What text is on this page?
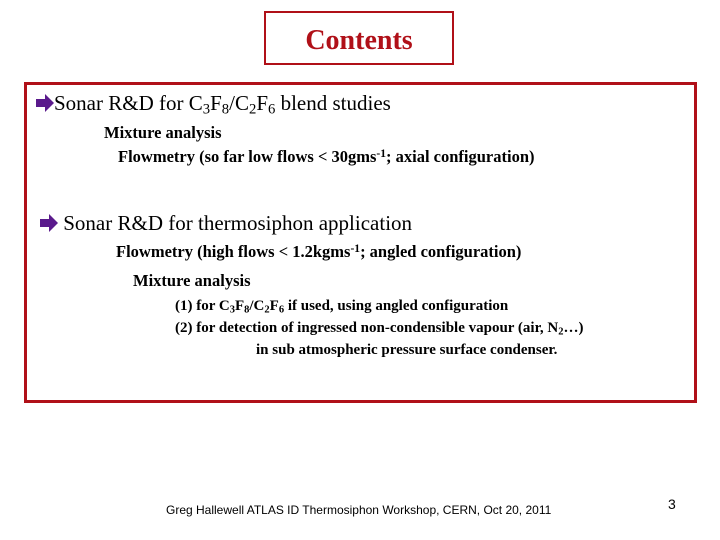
Contents
Sonar R&D for $C_3F_8/C_2F_6$ blend studies
Mixture analysis
Flowmetry (so far low flows < 30gms$^{-1}$; axial configuration)
Sonar R&D for thermosiphon application
Flowmetry (high flows < 1.2kgms$^{-1}$; angled configuration)
Mixture analysis
(1) for $C_3F_8/C_2F_6$ if used, using angled configuration
(2) for detection of ingressed non-condensible vapour (air, $N_2\dots$)
in sub atmospheric pressure surface condenser.
Greg Hallewell ATLAS ID Thermosiphon Workshop, CERN, Oct 20, 2011	3
